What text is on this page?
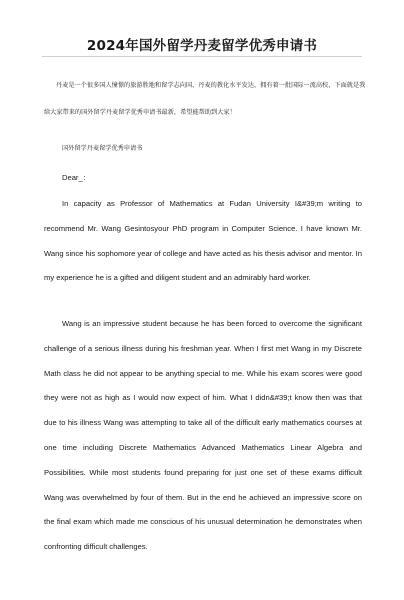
2024年国外留学丹麦留学优秀申请书

丹麦是一个很多国人憧憬的旅游胜地和留学志向国，丹麦的教化水平发达，拥有着一批国际一流高校，下面就是我给大家带来的国外留学丹麦留学优秀申请书最新，希望能帮助到大家！

国外留学丹麦留学优秀申请书

Dear_：

In capacity as Professor of Mathematics at Fudan University I&#39;m writing to recommend Mr. Wang Gesintosyour PhD program in Computer Science. I have known Mr. Wang since his sophomore year of college and have acted as his thesis advisor and mentor. In my experience he is a gifted and diligent student and an admirably hard worker.

Wang is an impressive student because he has been forced to overcome the significant challenge of a serious illness during his freshman year. When I first met Wang in my Discrete Math class he did not appear to be anything special to me. While his exam scores were good they were not as high as I would now expect of him. What I didn&#39;t know then was that due to his illness Wang was attempting to take all of the difficult early mathematics courses at one time including Discrete Mathematics Advanced Mathematics Linear Algebra and Possibilities. While most students found preparing for just one set of these exams difficult Wang was overwhelmed by four of them. But in the end he achieved an impressive score on the final exam which made me conscious of his unusual determination he demonstrates when confronting difficult challenges.
